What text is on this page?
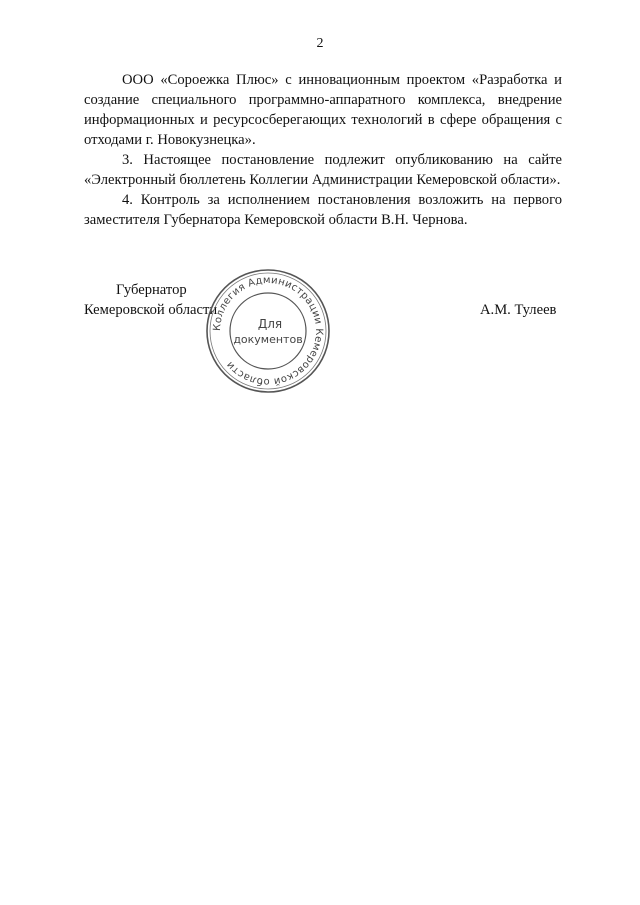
2

ООО «Сороежка Плюс» с инновационным проектом «Разработка и создание специального программно-аппаратного комплекса, внедрение информационных и ресурсосберегающих технологий в сфере обращения с отходами г. Новокузнецка».

3. Настоящее постановление подлежит опубликованию на сайте «Электронный бюллетень Коллегии Администрации Кемеровской области».

4. Контроль за исполнением постановления возложить на первого заместителя Губернатора Кемеровской области В.Н. Чернова.

Губернатор
Кемеровской области
Коллегия Администрации Кемеровской области
Для
документов
А.М. Тулеев
